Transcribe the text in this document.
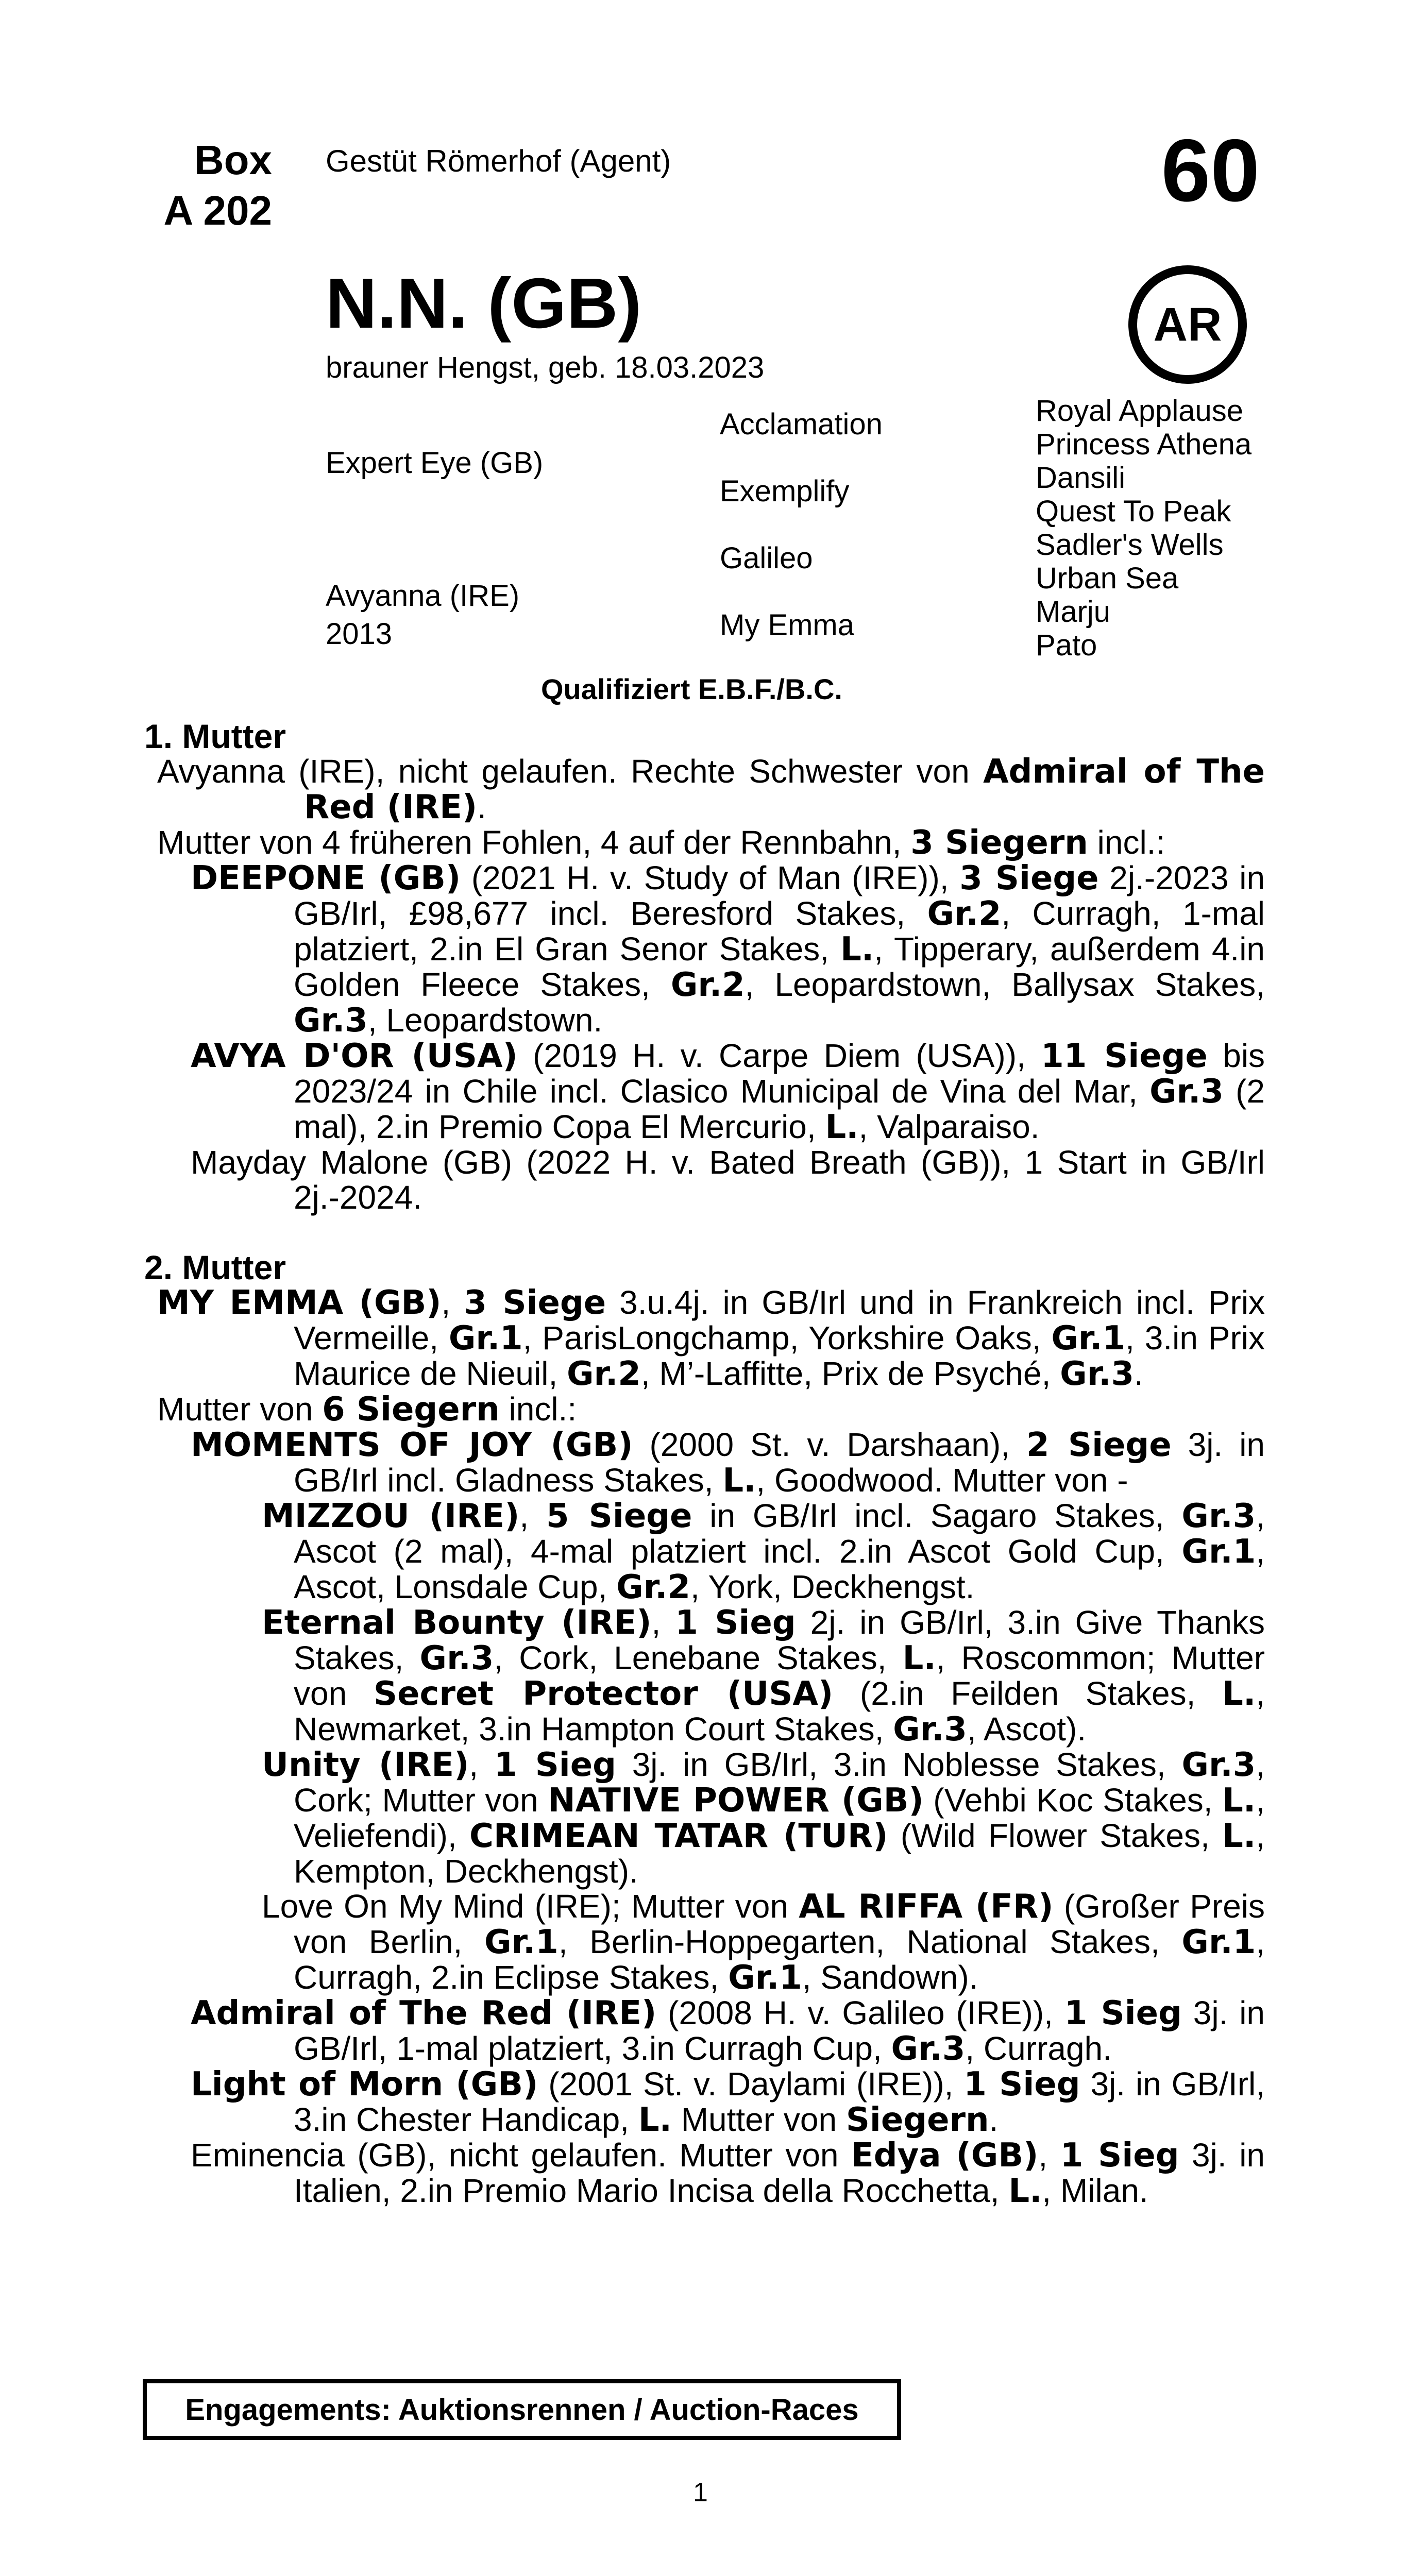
Box
A 202
Gestüt Römerhof (Agent)	60
AR
N.N. (GB)
brauner Hengst, geb. 18.03.2023
Expert Eye (GB)
Avyanna (IRE)
2013
Acclamation
Exemplify
Galileo
My Emma
Royal Applause
Princess Athena
Dansili
Quest To Peak
Sadler's Wells
Urban Sea
Marju
Pato
Qualifiziert E.B.F./B.C.
1. Mutter

Avyanna (IRE), nicht gelaufen. Rechte Schwester von Admiral of The Red (IRE).

Mutter von 4 früheren Fohlen, 4 auf der Rennbahn, 3 Siegern incl.:

DEEPONE (GB) (2021 H. v. Study of Man (IRE)), 3 Siege 2j.-2023 in GB/Irl, £98,677 incl. Beresford Stakes, Gr.2, Curragh, 1-mal platziert, 2.in El Gran Senor Stakes, L., Tipperary, außerdem 4.in Golden Fleece Stakes, Gr.2, Leopardstown, Ballysax Stakes, Gr.3, Leopardstown.

AVYA D'OR (USA) (2019 H. v. Carpe Diem (USA)), 11 Siege bis 2023/24 in Chile incl. Clasico Municipal de Vina del Mar, Gr.3 (2 mal), 2.in Premio Copa El Mercurio, L., Valparaiso.

Mayday Malone (GB) (2022 H. v. Bated Breath (GB)), 1 Start in GB/Irl 2j.-2024.

2. Mutter

MY EMMA (GB), 3 Siege 3.u.4j. in GB/Irl und in Frankreich incl. Prix Vermeille, Gr.1, ParisLongchamp, Yorkshire Oaks, Gr.1, 3.in Prix Maurice de Nieuil, Gr.2, M’-Laffitte, Prix de Psyché, Gr.3.

Mutter von 6 Siegern incl.:

MOMENTS OF JOY (GB) (2000 St. v. Darshaan), 2 Siege 3j. in GB/Irl incl. Gladness Stakes, L., Goodwood. Mutter von -

MIZZOU (IRE), 5 Siege in GB/Irl incl. Sagaro Stakes, Gr.3, Ascot (2 mal), 4-mal platziert incl. 2.in Ascot Gold Cup, Gr.1, Ascot, Lonsdale Cup, Gr.2, York, Deckhengst.

Eternal Bounty (IRE), 1 Sieg 2j. in GB/Irl, 3.in Give Thanks Stakes, Gr.3, Cork, Lenebane Stakes, L., Roscommon; Mutter von Secret Protector (USA) (2.in Feilden Stakes, L., Newmarket, 3.in Hampton Court Stakes, Gr.3, Ascot).

Unity (IRE), 1 Sieg 3j. in GB/Irl, 3.in Noblesse Stakes, Gr.3, Cork; Mutter von NATIVE POWER (GB) (Vehbi Koc Stakes, L., Veliefendi), CRIMEAN TATAR (TUR) (Wild Flower Stakes, L., Kempton, Deckhengst).

Love On My Mind (IRE); Mutter von AL RIFFA (FR) (Großer Preis von Berlin, Gr.1, Berlin-Hoppegarten, National Stakes, Gr.1, Curragh, 2.in Eclipse Stakes, Gr.1, Sandown).

Admiral of The Red (IRE) (2008 H. v. Galileo (IRE)), 1 Sieg 3j. in GB/Irl, 1-mal platziert, 3.in Curragh Cup, Gr.3, Curragh.

Light of Morn (GB) (2001 St. v. Daylami (IRE)), 1 Sieg 3j. in GB/Irl, 3.in Chester Handicap, L. Mutter von Siegern.

Eminencia (GB), nicht gelaufen. Mutter von Edya (GB), 1 Sieg 3j. in Italien, 2.in Premio Mario Incisa della Rocchetta, L., Milan.

Engagements: Auktionsrennen / Auction-Races
1
